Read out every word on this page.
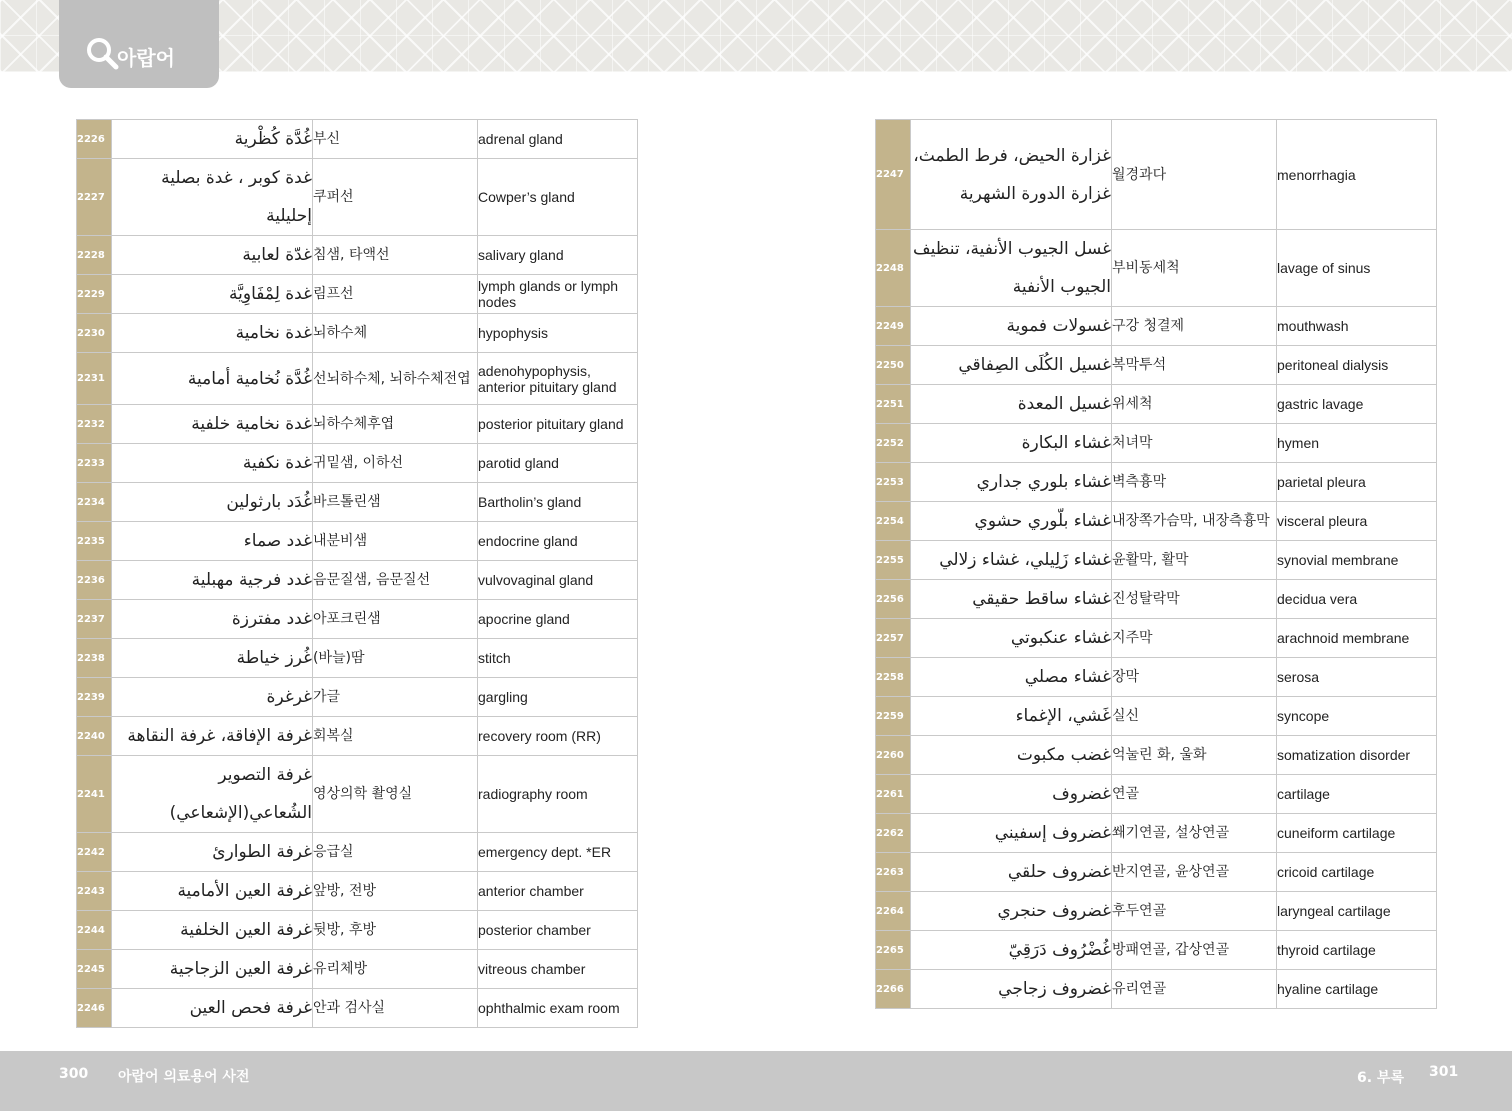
아랍어
2226	غُدَّة كُظْرية	부신	adrenal gland
2227	غدة كوبر ، غدة بصلية إحليلية	쿠퍼선	Cowper’s gland
2228	غدّة لعابية	침샘, 타액선	salivary gland
2229	غدة لِمْفَاوِيَّة	림프선	lymph glands or lymph nodes
2230	غدة نخامية	뇌하수체	hypophysis
2231	غُدَّة نُخامية أمامية	선뇌하수체, 뇌하수체전엽	adenohypophysis, anterior pituitary gland
2232	غدة نخامية خلفية	뇌하수체후엽	posterior pituitary gland
2233	غدة نكفية	귀밑샘, 이하선	parotid gland
2234	غُدَد بارثولين	바르톨린샘	Bartholin’s gland
2235	غدد صماء	내분비샘	endocrine gland
2236	غدد فرجية مهبلية	음문질샘, 음문질선	vulvovaginal gland
2237	غدد مفترزة	아포크린샘	apocrine gland
2238	غُرز خياطة	(바늘)땀	stitch
2239	غرغرة	가글	gargling
2240	غرفة الإفاقة، غرفة النقاهة	회복실	recovery room (RR)
2241	غرفة التصوير الشُعاعي(الإشعاعي)	영상의학 촬영실	radiography room
2242	غرفة الطوارئ	응급실	emergency dept. *ER
2243	غرفة العين الأمامية	앞방, 전방	anterior chamber
2244	غرفة العين الخلفية	뒷방, 후방	posterior chamber
2245	غرفة العين الزجاجية	유리체방	vitreous chamber
2246	غرفة فحص العين	안과 검사실	ophthalmic exam room
2247	غزارة الحيض، فرط الطمث، غزارة الدورة الشهرية	월경과다	menorrhagia
2248	غسل الجيوب الأنفية، تنظيف الجيوب الأنفية	부비동세척	lavage of sinus
2249	غسولات فموية	구강 청결제	mouthwash
2250	غسيل الكُلَى الصِفاقي	복막투석	peritoneal dialysis
2251	غسيل المعدة	위세척	gastric lavage
2252	غشاء البكارة	처녀막	hymen
2253	غشاء بلوري جداري	벽측흉막	parietal pleura
2254	غشاء بلّوري حشوي	내장쪽가슴막, 내장측흉막	visceral pleura
2255	غشاء زَلِيلي، غشاء زلالي	윤활막, 활막	synovial membrane
2256	غشاء ساقط حقيقي	진성탈락막	decidua vera
2257	غشاء عنكبوتي	지주막	arachnoid membrane
2258	غشاء مصلي	장막	serosa
2259	غَشي، الإغماء	실신	syncope
2260	غضب مكبوت	억눌린 화, 울화	somatization disorder
2261	غضروف	연골	cartilage
2262	غضروف إسفيني	쐐기연골, 설상연골	cuneiform cartilage
2263	غضروف حلقي	반지연골, 윤상연골	cricoid cartilage
2264	غضروف حنجري	후두연골	laryngeal cartilage
2265	غُضْرُوف دَرَقِيّ	방패연골, 갑상연골	thyroid cartilage
2266	غضروف زجاجي	유리연골	hyaline cartilage
300 아랍어 의료용어 사전	6. 부록 301
